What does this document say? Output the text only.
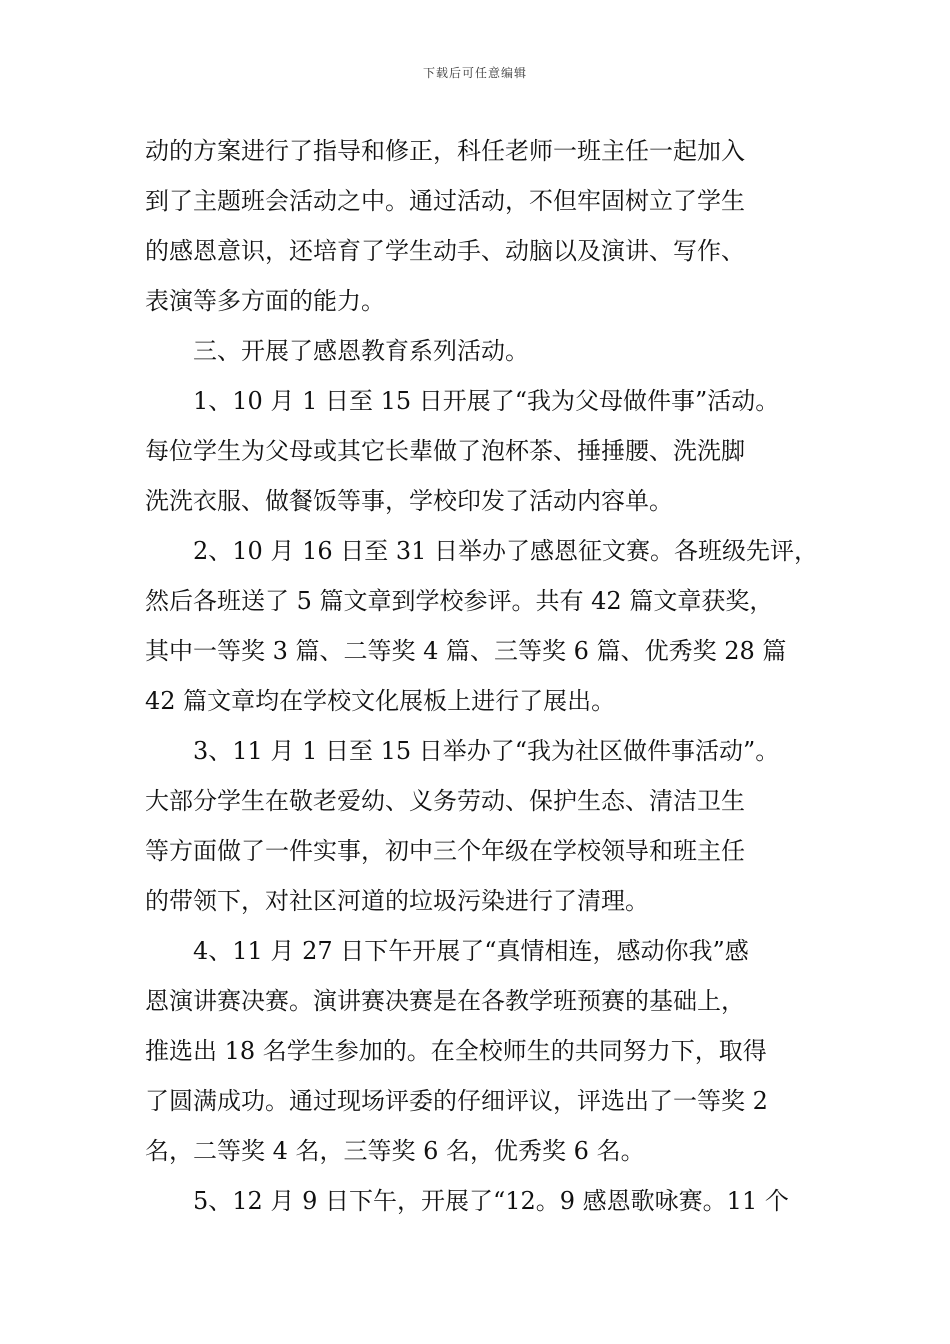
下载后可任意编辑
动的方案进行了指导和修正，科任老师一班主任一起加入
到了主题班会活动之中。通过活动，不但牢固树立了学生
的感恩意识，还培育了学生动手、动脑以及演讲、写作、
表演等多方面的能力。
三、开展了感恩教育系列活动。
1、10 月 1 日至 15 日开展了“我为父母做件事”活动。
每位学生为父母或其它长辈做了泡杯茶、捶捶腰、洗洗脚
洗洗衣服、做餐饭等事，学校印发了活动内容单。
2、10 月 16 日至 31 日举办了感恩征文赛。各班级先评，
然后各班送了 5 篇文章到学校参评。共有 42 篇文章获奖，
其中一等奖 3 篇、二等奖 4 篇、三等奖 6 篇、优秀奖 28 篇
42 篇文章均在学校文化展板上进行了展出。
3、11 月 1 日至 15 日举办了“我为社区做件事活动”。
大部分学生在敬老爱幼、义务劳动、保护生态、清洁卫生
等方面做了一件实事，初中三个年级在学校领导和班主任
的带领下，对社区河道的垃圾污染进行了清理。
4、11 月 27 日下午开展了“真情相连，感动你我”感
恩演讲赛决赛。演讲赛决赛是在各教学班预赛的基础上，
推选出 18 名学生参加的。在全校师生的共同努力下，取得
了圆满成功。通过现场评委的仔细评议，评选出了一等奖 2
名，二等奖 4 名，三等奖 6 名，优秀奖 6 名。
5、12 月 9 日下午，开展了“12。9 感恩歌咏赛。11 个
